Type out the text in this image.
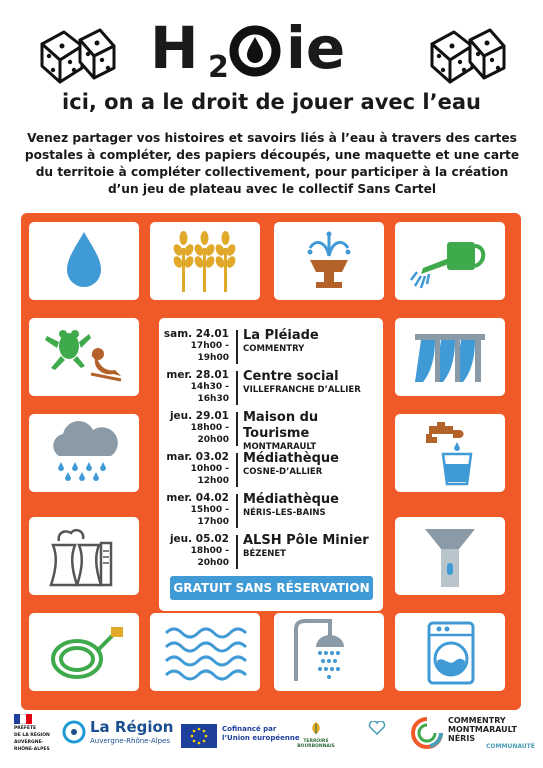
H 2 ie
ici, on a le droit de jouer avec l’eau
Venez partager vos histoires et savoirs liés à l’eau à travers des cartes postales à compléter, des papiers découpés, une maquette et une carte du territoie à compléter collectivement, pour participer à la création d’un jeu de plateau avec le collectif Sans Cartel
sam. 24.01
17h00 - 19h00
La Pléiade
COMMENTRY
mer. 28.01
14h30 - 16h30
Centre social
VILLEFRANCHE D’ALLIER
jeu. 29.01
18h00 - 20h00
Maison du Tourisme
MONTMARAULT
mar. 03.02
10h00 - 12h00
Médiathèque
COSNE-D’ALLIER
mer. 04.02
15h00 - 17h00
Médiathèque
NÉRIS-LES-BAINS
jeu. 05.02
18h00 - 20h00
ALSH Pôle Minier
BÉZENET
GRATUIT SANS RÉSERVATION
PRÉFÈTE
DE LA RÉGION
AUVERGNE-
RHÔNE-ALPES
La Région
Auvergne-Rhône-Alpes
Cofinancé par
l’Union européenne TERROIRS
BOURBONNAIS
COMMENTRY
MONTMARAULT
NÉRIS
COMMUNAUTÉ
